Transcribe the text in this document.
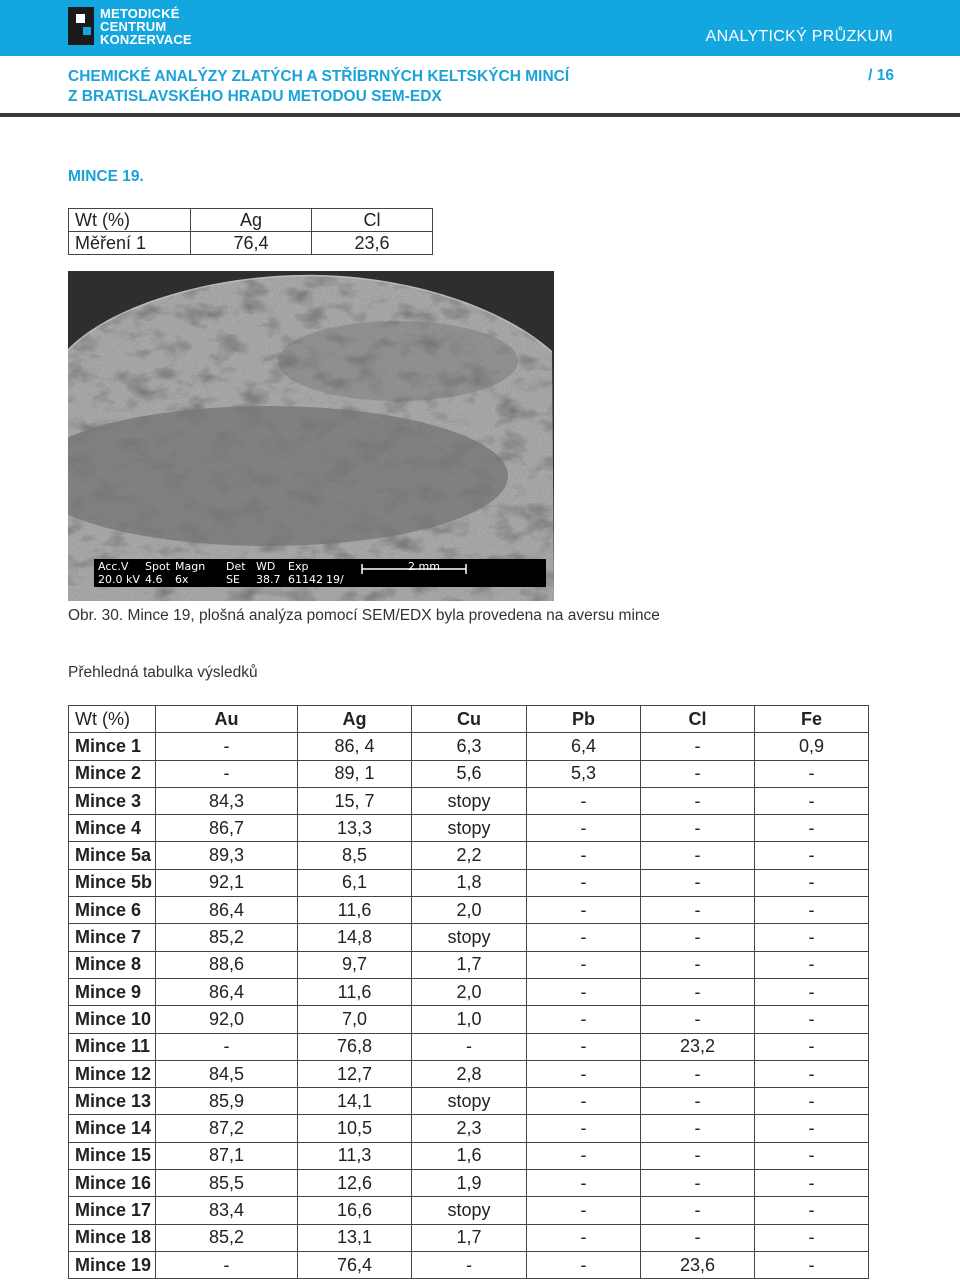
METODICKÉ
CENTRUM
KONZERVACE	ANALYTICKÝ PRŮZKUM
CHEMICKÉ ANALÝZY ZLATÝCH A STŘÍBRNÝCH KELTSKÝCH MINCÍ
Z BRATISLAVSKÉHO HRADU METODOU SEM-EDX
/ 16
MINCE 19.
Wt (%)	Ag	Cl
Měření 1	76,4	23,6
Acc.V Spot Magn Det WD Exp
20.0 kV 4.6 6x	SE 38.7 61142 19/
2 mm
Obr. 30. Mince 19, plošná analýza pomocí SEM/EDX byla provedena na aversu mince
Přehledná tabulka výsledků
Wt (%)	Au	Ag	Cu	Pb	Cl	Fe
Mince 1	-	86, 4	6,3	6,4	-	0,9
Mince 2	-	89, 1	5,6	5,3	-	-
Mince 3	84,3	15, 7	stopy	-	-	-
Mince 4	86,7	13,3	stopy	-	-	-
Mince 5a	89,3	8,5	2,2	-	-	-
Mince 5b	92,1	6,1	1,8	-	-	-
Mince 6	86,4	11,6	2,0	-	-	-
Mince 7	85,2	14,8	stopy	-	-	-
Mince 8	88,6	9,7	1,7	-	-	-
Mince 9	86,4	11,6	2,0	-	-	-
Mince 10	92,0	7,0	1,0	-	-	-
Mince 11	-	76,8	-	-	23,2	-
Mince 12	84,5	12,7	2,8	-	-	-
Mince 13	85,9	14,1	stopy	-	-	-
Mince 14	87,2	10,5	2,3	-	-	-
Mince 15	87,1	11,3	1,6	-	-	-
Mince 16	85,5	12,6	1,9	-	-	-
Mince 17	83,4	16,6	stopy	-	-	-
Mince 18	85,2	13,1	1,7	-	-	-
Mince 19	-	76,4	-	-	23,6	-
